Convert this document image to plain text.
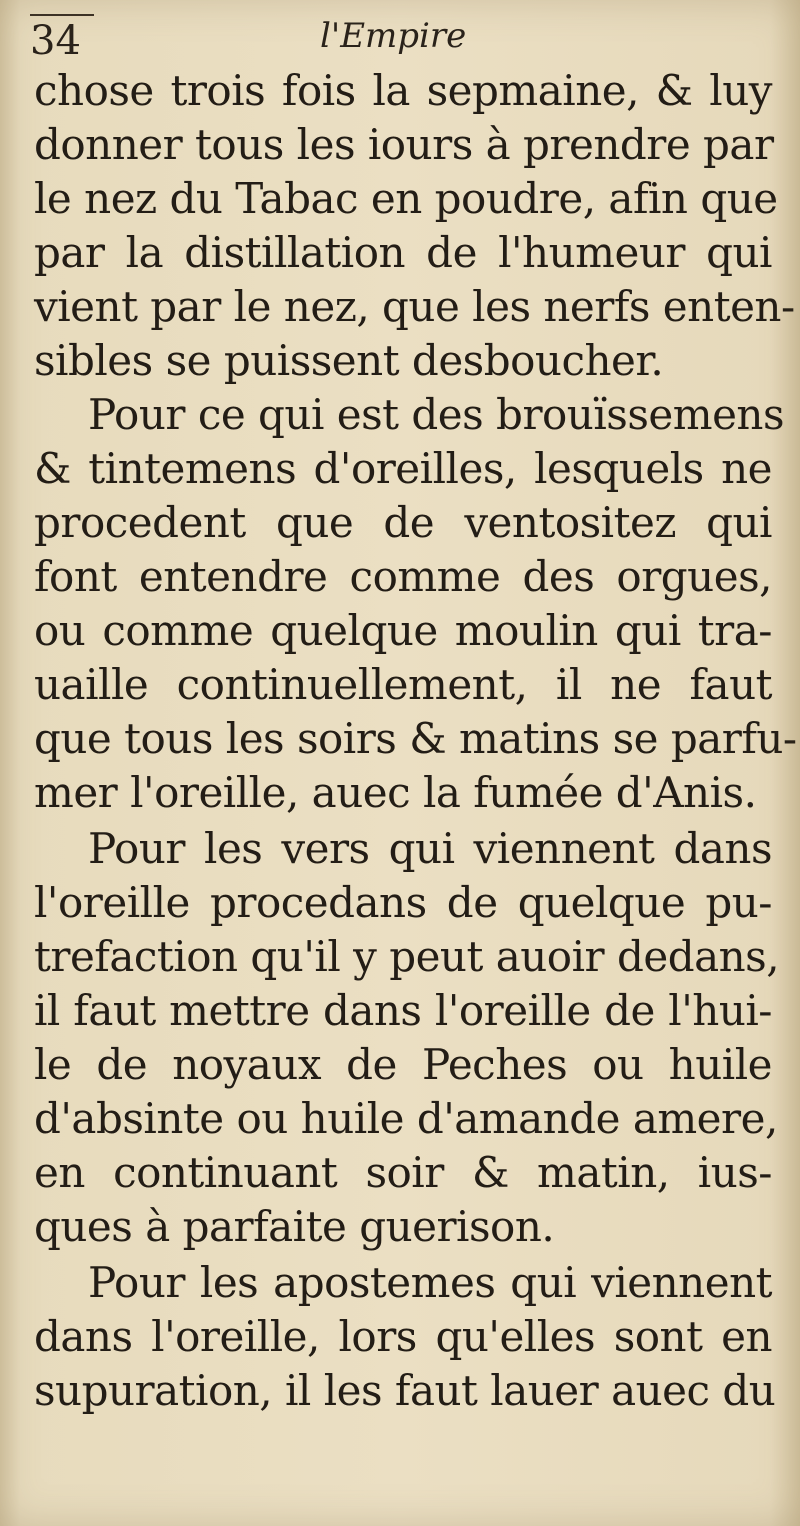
34	l'Empire
chose trois fois la sepmaine, & luy
donner tous les iours à prendre par
le nez du Tabac en poudre, afin que
par la distillation de l'humeur qui
vient par le nez, que les nerfs enten-
sibles se puissent desboucher.
Pour ce qui est des brouïssemens
& tintemens d'oreilles, lesquels ne
procedent que de ventositez qui
font entendre comme des orgues,
ou comme quelque moulin qui tra-
uaille continuellement, il ne faut
que tous les soirs & matins se parfu-
mer l'oreille, auec la fumée d'Anis.
Pour les vers qui viennent dans
l'oreille procedans de quelque pu-
trefaction qu'il y peut auoir dedans,
il faut mettre dans l'oreille de l'hui-
le de noyaux de Peches ou huile
d'absinte ou huile d'amande amere,
en continuant soir & matin, ius-
ques à parfaite guerison.
Pour les apostemes qui viennent
dans l'oreille, lors qu'elles sont en
supuration, il les faut lauer auec du
